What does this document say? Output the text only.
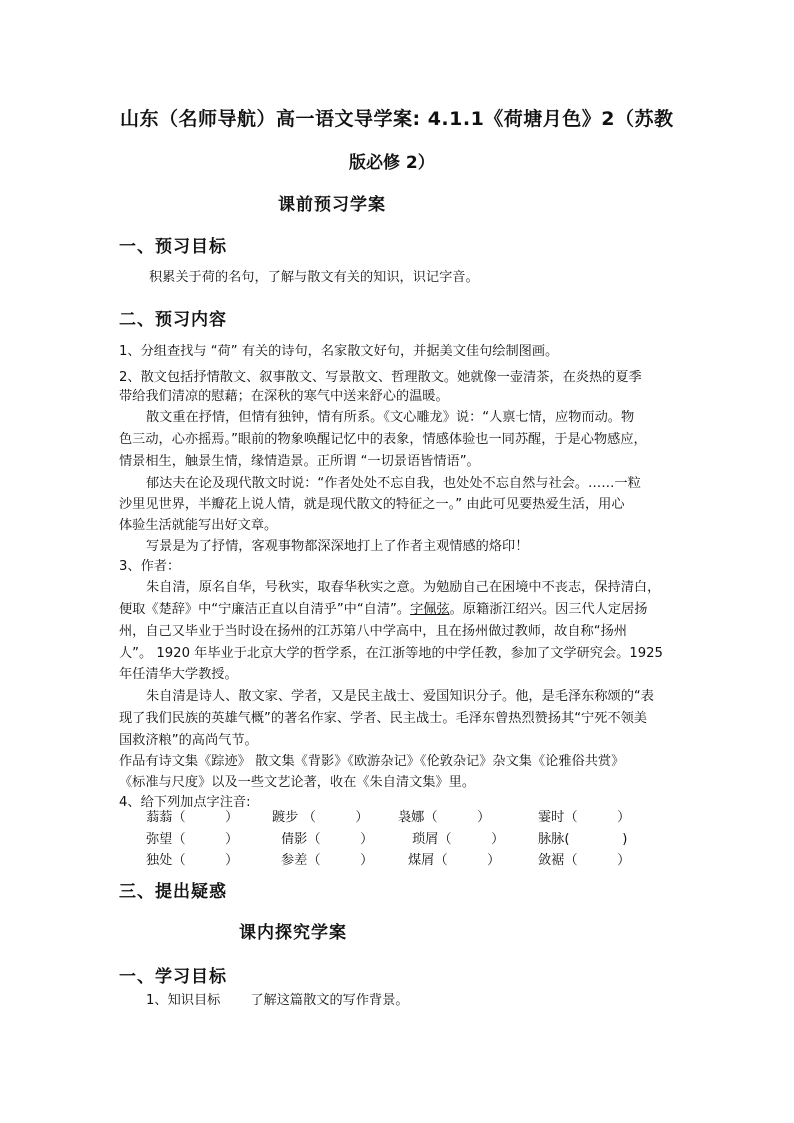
山东（名师导航）高一语文导学案: 4.1.1《荷塘月色》2（苏教
版必修 2）
课前预习学案
一、预习目标
积累关于荷的名句，了解与散文有关的知识，识记字音。
二、预习内容
1、分组查找与 “荷” 有关的诗句，名家散文好句，并据美文佳句绘制图画。
2、散文包括抒情散文、叙事散文、写景散文、哲理散文。她就像一壶清茶，在炎热的夏季
带给我们清凉的慰藉；在深秋的寒气中送来舒心的温暖。
散文重在抒情，但情有独钟，情有所系。《文心雕龙》说：“人禀七情，应物而动。物
色三动，心亦摇焉。”眼前的物象唤醒记忆中的表象，情感体验也一同苏醒，于是心物感应，
情景相生，触景生情，缘情造景。正所谓 “一切景语皆情语”。
郁达夫在论及现代散文时说：“作者处处不忘自我，也处处不忘自然与社会。……一粒
沙里见世界，半瓣花上说人情，就是现代散文的特征之一。” 由此可见要热爱生活，用心
体验生活就能写出好文章。
写景是为了抒情，客观事物都深深地打上了作者主观情感的烙印！
3、作者：
朱自清，原名自华，号秋实，取春华秋实之意。为勉励自己在困境中不丧志，保持清白，
便取《楚辞》中“宁廉洁正直以自清乎”中“自清”。字佩弦。原籍浙江绍兴。因三代人定居扬
州，自己又毕业于当时设在扬州的江苏第八中学高中，且在扬州做过教师，故自称“扬州
人”。 1920 年毕业于北京大学的哲学系，在江浙等地的中学任教，参加了文学研究会。1925
年任清华大学教授。
朱自清是诗人、散文家、学者，又是民主战士、爱国知识分子。他，是毛泽东称颂的“表
现了我们民族的英雄气概”的著名作家、学者、民主战士。毛泽东曾热烈赞扬其“宁死不领美
国救济粮”的高尚气节。
作品有诗文集《踪迹》 散文集《背影》《欧游杂记》《伦敦杂记》杂文集《论雅俗共赏》
《标准与尺度》以及一些文艺论著，收在《朱自清文集》里。
4、给下列加点字注音:
蓊蓊（　　　）	踱步 （　　　） 袅娜（　　　）	霎时（　　　）
弥望（　　　）	倩影（　　　）	琐屑（　　　）	脉脉(　　　　)
独处（　　　）	参差（　　　）	煤屑（　　　）	敛裾（　　　）
三、提出疑惑
课内探究学案
一、学习目标
1、知识目标 了解这篇散文的写作背景。
